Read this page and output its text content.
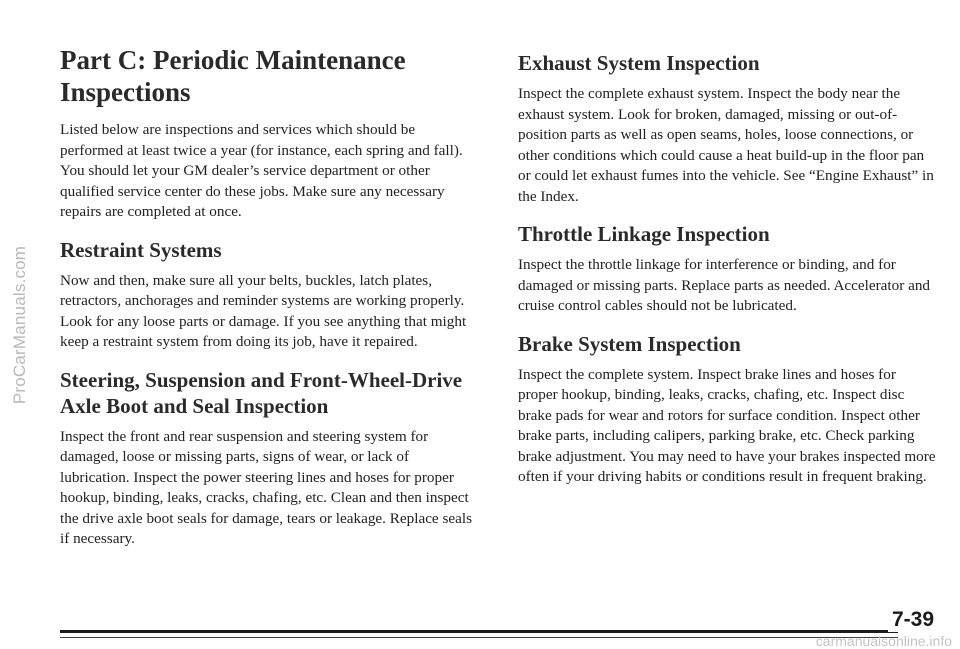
ProCarManuals.com
Part C: Periodic Maintenance Inspections

Listed below are inspections and services which should be performed at least twice a year (for instance, each spring and fall). You should let your GM dealer’s service department or other qualified service center do these jobs. Make sure any necessary repairs are completed at once.

Restraint Systems

Now and then, make sure all your belts, buckles, latch plates, retractors, anchorages and reminder systems are working properly. Look for any loose parts or damage. If you see anything that might keep a restraint system from doing its job, have it repaired.

Steering, Suspension and Front-Wheel-Drive Axle Boot and Seal Inspection

Inspect the front and rear suspension and steering system for damaged, loose or missing parts, signs of wear, or lack of lubrication. Inspect the power steering lines and hoses for proper hookup, binding, leaks, cracks, chafing, etc. Clean and then inspect the drive axle boot seals for damage, tears or leakage. Replace seals if necessary.

Exhaust System Inspection

Inspect the complete exhaust system. Inspect the body near the exhaust system. Look for broken, damaged, missing or out-of-position parts as well as open seams, holes, loose connections, or other conditions which could cause a heat build-up in the floor pan or could let exhaust fumes into the vehicle. See “Engine Exhaust” in the Index.

Throttle Linkage Inspection

Inspect the throttle linkage for interference or binding, and for damaged or missing parts. Replace parts as needed. Accelerator and cruise control cables should not be lubricated.

Brake System Inspection

Inspect the complete system. Inspect brake lines and hoses for proper hookup, binding, leaks, cracks, chafing, etc. Inspect disc brake pads for wear and rotors for surface condition. Inspect other brake parts, including calipers, parking brake, etc. Check parking brake adjustment. You may need to have your brakes inspected more often if your driving habits or conditions result in frequent braking.

7-39
carmanualsonline.info
